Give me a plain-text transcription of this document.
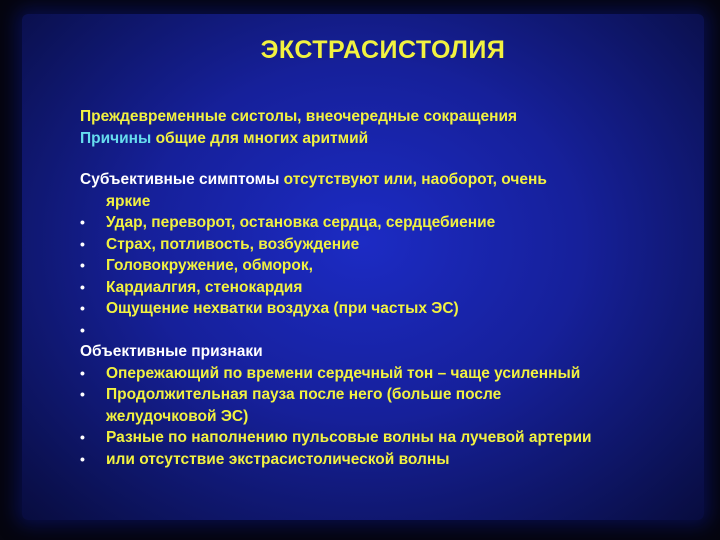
ЭКСТРАСИСТОЛИЯ

Преждевременные систолы, внеочередные сокращения

Причины общие для многих аритмий

Субъективные симптомы отсутствуют или, наоборот, очень

яркие

• Удар, переворот, остановка сердца, сердцебиение
• Страх, потливость, возбуждение
• Головокружение, обморок,
• Кардиалгия, стенокардия
• Ощущение нехватки воздуха (при частых ЭС)
•

Объективные признаки

• Опережающий по времени сердечный тон – чаще усиленный
• Продолжительная пауза после него (больше после

желудочковой ЭС)

• Разные по наполнению пульсовые волны на лучевой артерии
• или отсутствие экстрасистолической волны
